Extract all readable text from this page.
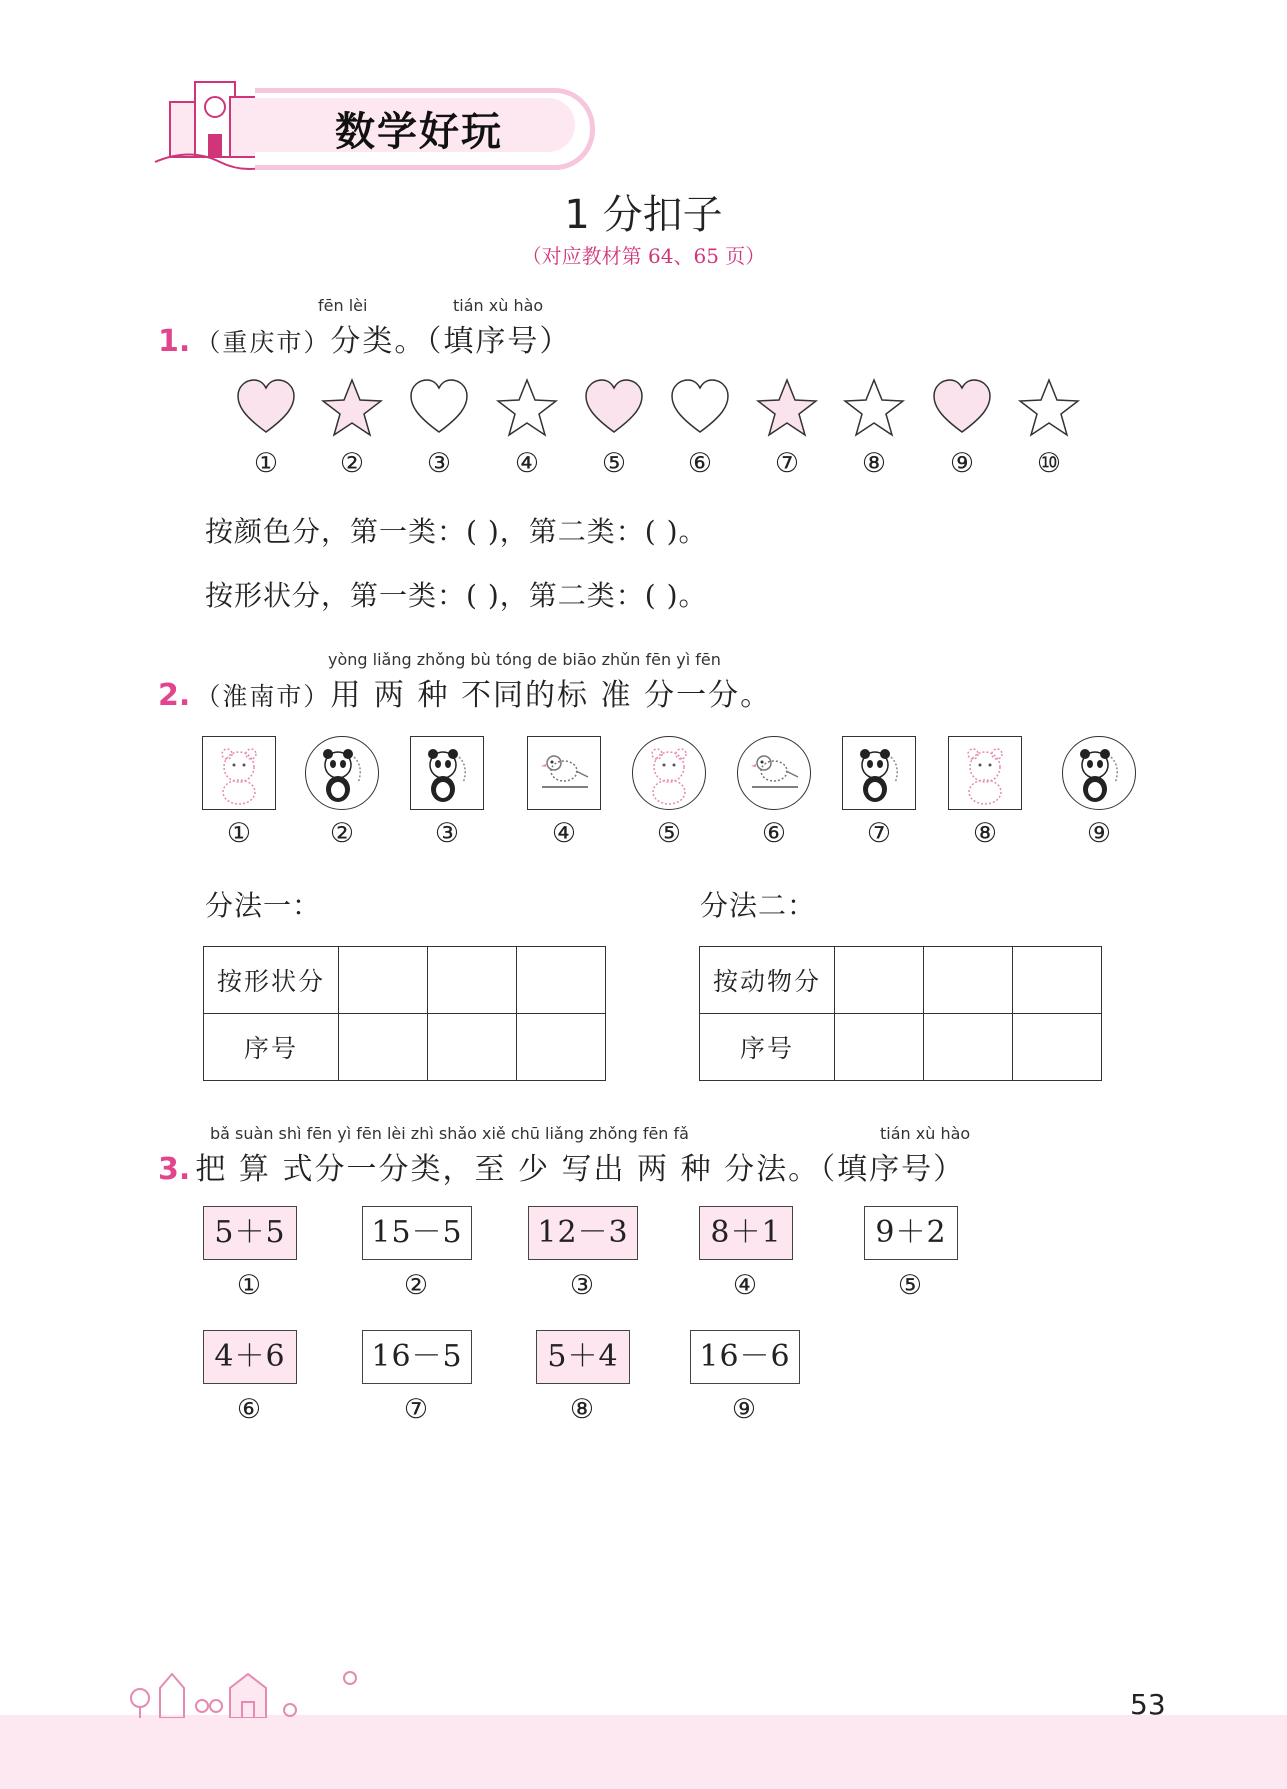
数学好玩
1 分扣子
（对应教材第 64、65 页）
fēn lèi	tián xù hào
1. （重庆市）分类。（填序号）
① ② ③ ④ ⑤ ⑥ ⑦ ⑧ ⑨ ⑩
按颜色分，第一类：( )，第二类：( )。
按形状分，第一类：( )，第二类：( )。
yòng liǎng zhǒng bù tóng de biāo zhǔn fēn yì fēn
2. （淮南市）用 两 种 不同的标 准 分一分。
①	②	③	④	⑤	⑥	⑦	⑧	⑨
分法一：	分法二：
按形状分			
序号			
按动物分			
序号			
bǎ suàn shì fēn yì fēn lèi zhì shǎo xiě chū liǎng zhǒng fēn fǎ	tián xù hào
3. 把 算 式分一分类，至 少 写出 两 种 分法。（填序号）
5＋5
①
15－5
②
12－3
③
8＋1
④
9＋2
⑤
4＋6
⑥
16－5
⑦
5＋4
⑧
16－6
⑨
53
